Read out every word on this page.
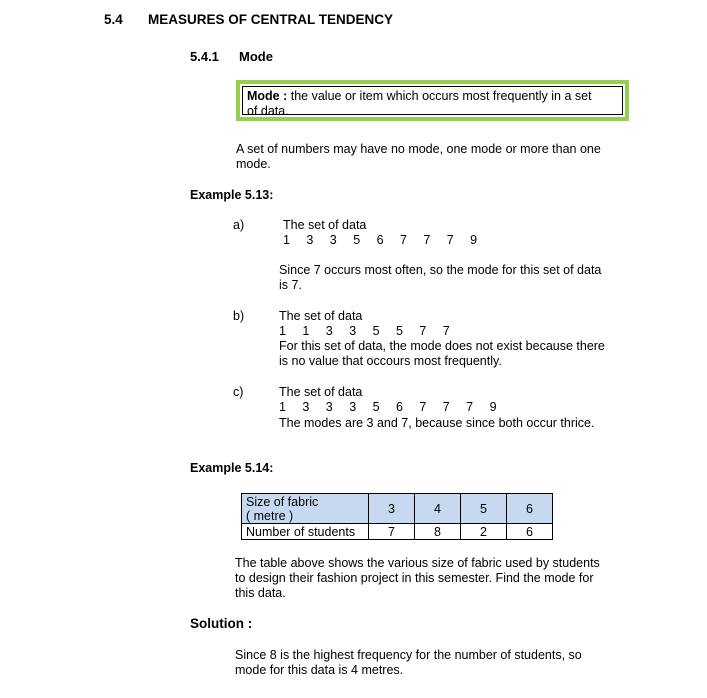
5.4 MEASURES OF CENTRAL TENDENCY
5.4.1 Mode
Mode : the value or item which occurs most frequently in a set
of data.
A set of numbers may have no mode, one mode or more than one
mode.
Example 5.13:
a)	The set of data
1  3  3  5  6  7  7  7  9
Since 7 occurs most often, so the mode for this set of data
is 7.
b)	The set of data
1  1  3  3  5  5  7  7
For this set of data, the mode does not exist because there
is no value that occours most frequently.
c)	The set of data
1  3  3  3  5  6  7  7  7  9
The modes are 3 and 7, because since both occur thrice.
Example 5.14:
Size of fabric
( metre )	3	4	5	6
Number of students	7	8	2	6
The table above shows the various size of fabric used by students
to design their fashion project in this semester. Find the mode for
this data.
Solution :
Since 8 is the highest frequency for the number of students, so
mode for this data is 4 metres.
